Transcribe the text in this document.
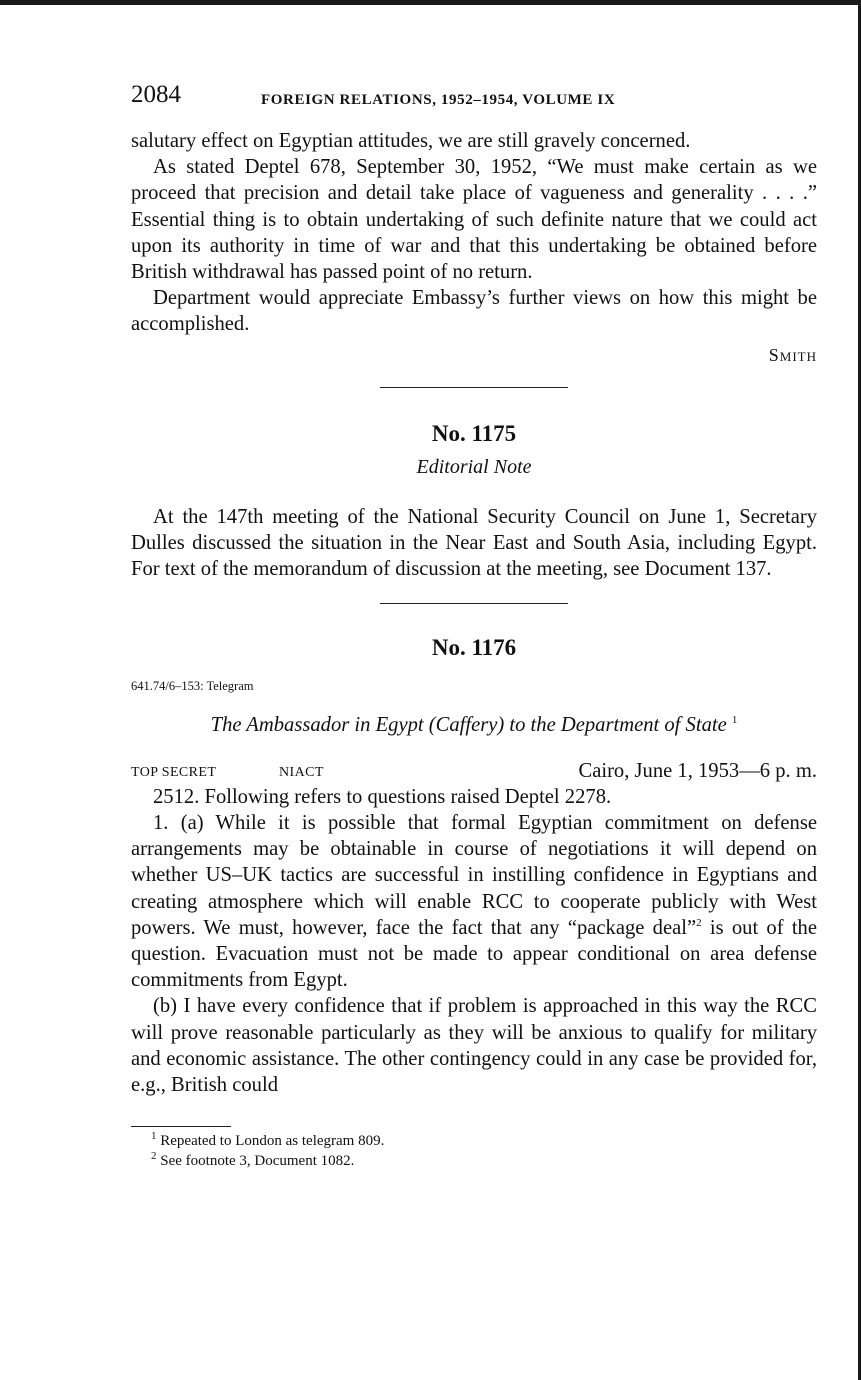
2084	FOREIGN RELATIONS, 1952–1954, VOLUME IX

salutary effect on Egyptian attitudes, we are still gravely concerned.

As stated Deptel 678, September 30, 1952, “We must make certain as we proceed that precision and detail take place of vagueness and generality . . . .” Essential thing is to obtain undertaking of such definite nature that we could act upon its authority in time of war and that this undertaking be obtained before British withdrawal has passed point of no return.

Department would appreciate Embassy’s further views on how this might be accomplished.

Smith
No. 1175
Editorial Note

At the 147th meeting of the National Security Council on June 1, Secretary Dulles discussed the situation in the Near East and South Asia, including Egypt. For text of the memorandum of discussion at the meeting, see Document 137.

No. 1176
641.74/6–153: Telegram
The Ambassador in Egypt (Caffery) to the Department of State $^1$
TOP SECRET	NIACT	Cairo, June 1, 1953—6 p. m.

2512. Following refers to questions raised Deptel 2278.

1. (a) While it is possible that formal Egyptian commitment on defense arrangements may be obtainable in course of negotiations it will depend on whether US–UK tactics are successful in instilling confidence in Egyptians and creating atmosphere which will enable RCC to cooperate publicly with West powers. We must, however, face the fact that any “package deal”$^2$ is out of the question. Evacuation must not be made to appear conditional on area defense commitments from Egypt.

(b) I have every confidence that if problem is approached in this way the RCC will prove reasonable particularly as they will be anxious to qualify for military and economic assistance. The other contingency could in any case be provided for, e.g., British could

$^1$ Repeated to London as telegram 809.
$^2$ See footnote 3, Document 1082.
